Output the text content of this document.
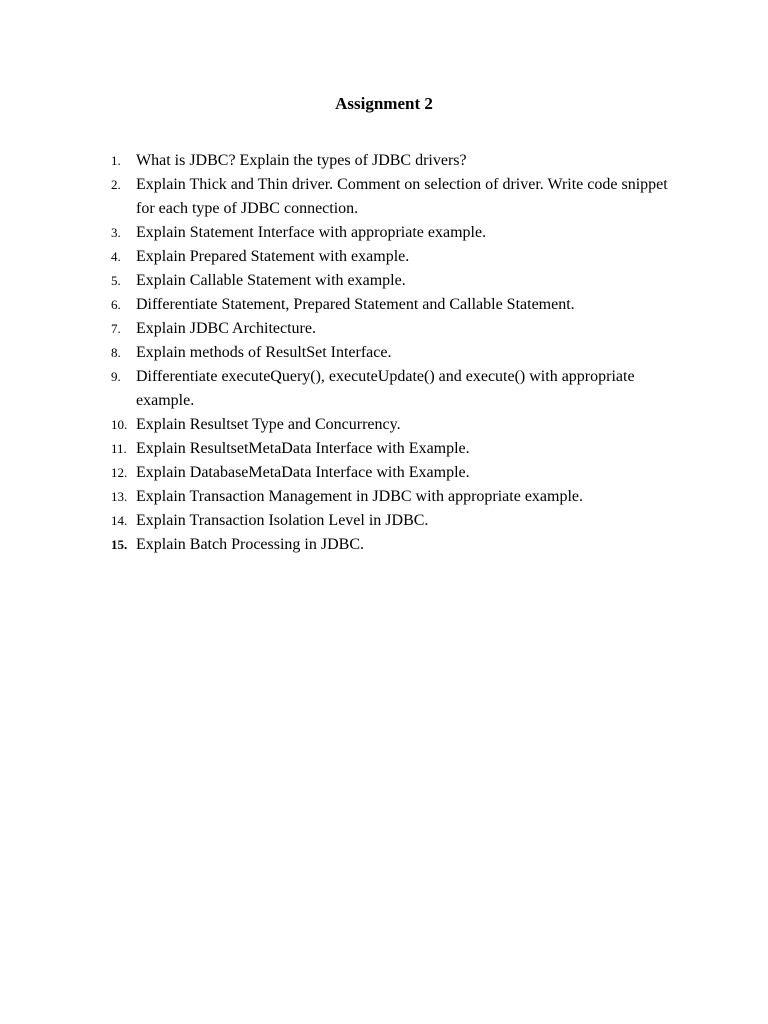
Assignment 2
1. What is JDBC? Explain the types of JDBC drivers?
2. Explain Thick and Thin driver. Comment on selection of driver. Write code snippet for each type of JDBC connection.
3. Explain Statement Interface with appropriate example.
4. Explain Prepared Statement with example.
5. Explain Callable Statement with example.
6. Differentiate Statement, Prepared Statement and Callable Statement.
7. Explain JDBC Architecture.
8. Explain methods of ResultSet Interface.
9. Differentiate executeQuery(), executeUpdate() and execute() with appropriate example.
10. Explain Resultset Type and Concurrency.
11. Explain ResultsetMetaData Interface with Example.
12. Explain DatabaseMetaData Interface with Example.
13. Explain Transaction Management in JDBC with appropriate example.
14. Explain Transaction Isolation Level in JDBC.
15. Explain Batch Processing in JDBC.
